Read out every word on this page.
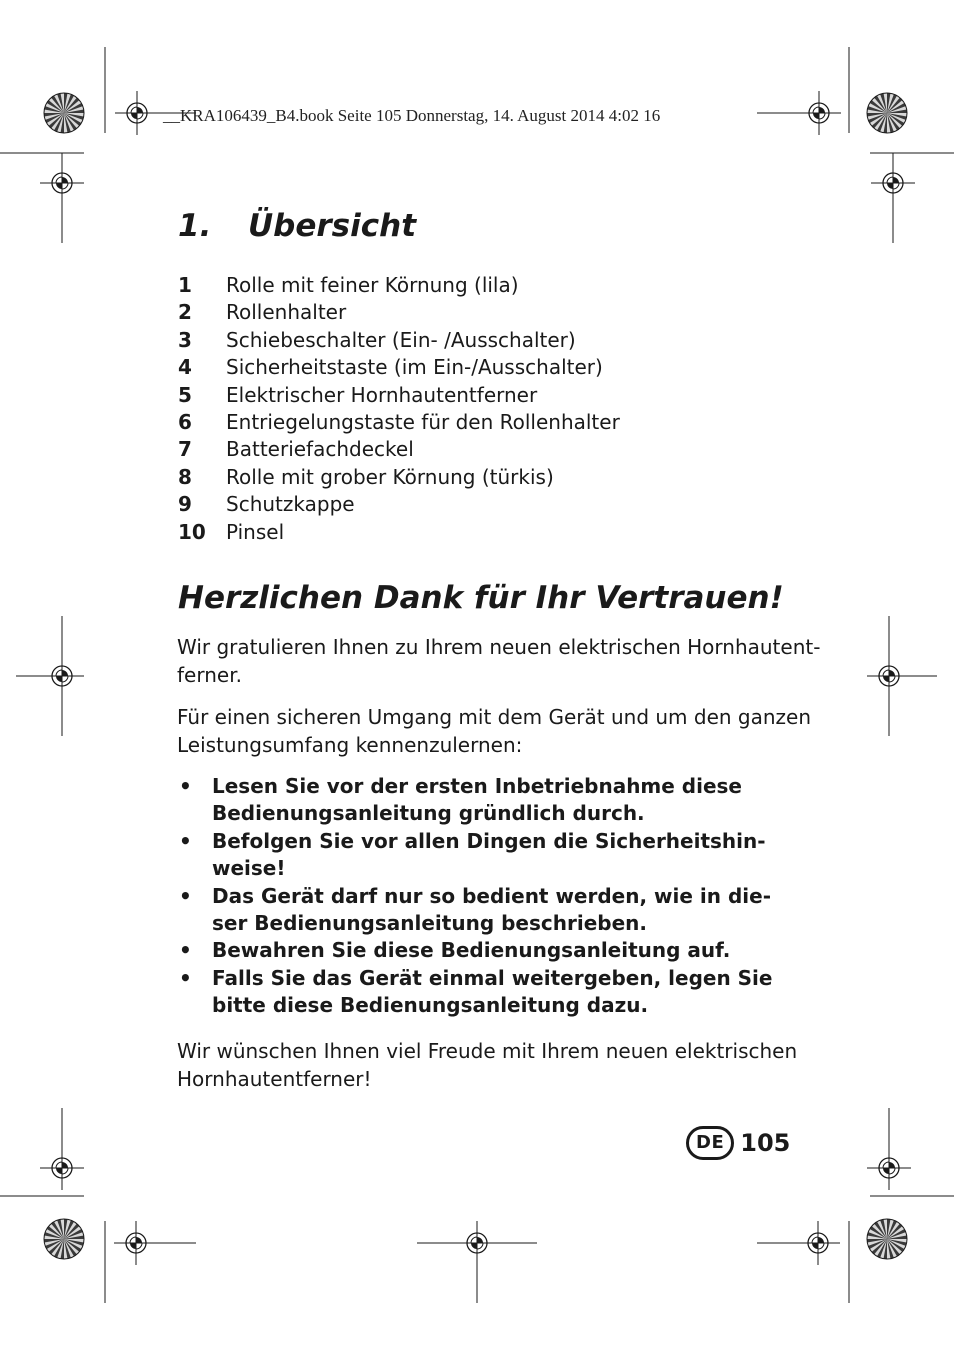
__KRA106439_B4.book Seite 105 Donnerstag, 14. August 2014 4:02 16
1. Übersicht
1 Rolle mit feiner Körnung (lila)
2 Rollenhalter
3 Schiebeschalter (Ein- /Ausschalter)
4 Sicherheitstaste (im Ein-/Ausschalter)
5 Elektrischer Hornhautentferner
6 Entriegelungstaste für den Rollenhalter
7 Batteriefachdeckel
8 Rolle mit grober Körnung (türkis)
9 Schutzkappe
10 Pinsel
Herzlichen Dank für Ihr Vertrauen!
Wir gratulieren Ihnen zu Ihrem neuen elektrischen Hornhautent-
ferner.
Für einen sicheren Umgang mit dem Gerät und um den ganzen
Leistungsumfang kennenzulernen:
• Lesen Sie vor der ersten Inbetriebnahme diese
Bedienungsanleitung gründlich durch.
• Befolgen Sie vor allen Dingen die Sicherheitshin-
weise!
• Das Gerät darf nur so bedient werden, wie in die-
ser Bedienungsanleitung beschrieben.
• Bewahren Sie diese Bedienungsanleitung auf.
• Falls Sie das Gerät einmal weitergeben, legen Sie
bitte diese Bedienungsanleitung dazu.
Wir wünschen Ihnen viel Freude mit Ihrem neuen elektrischen
Hornhautentferner!
DE 105
